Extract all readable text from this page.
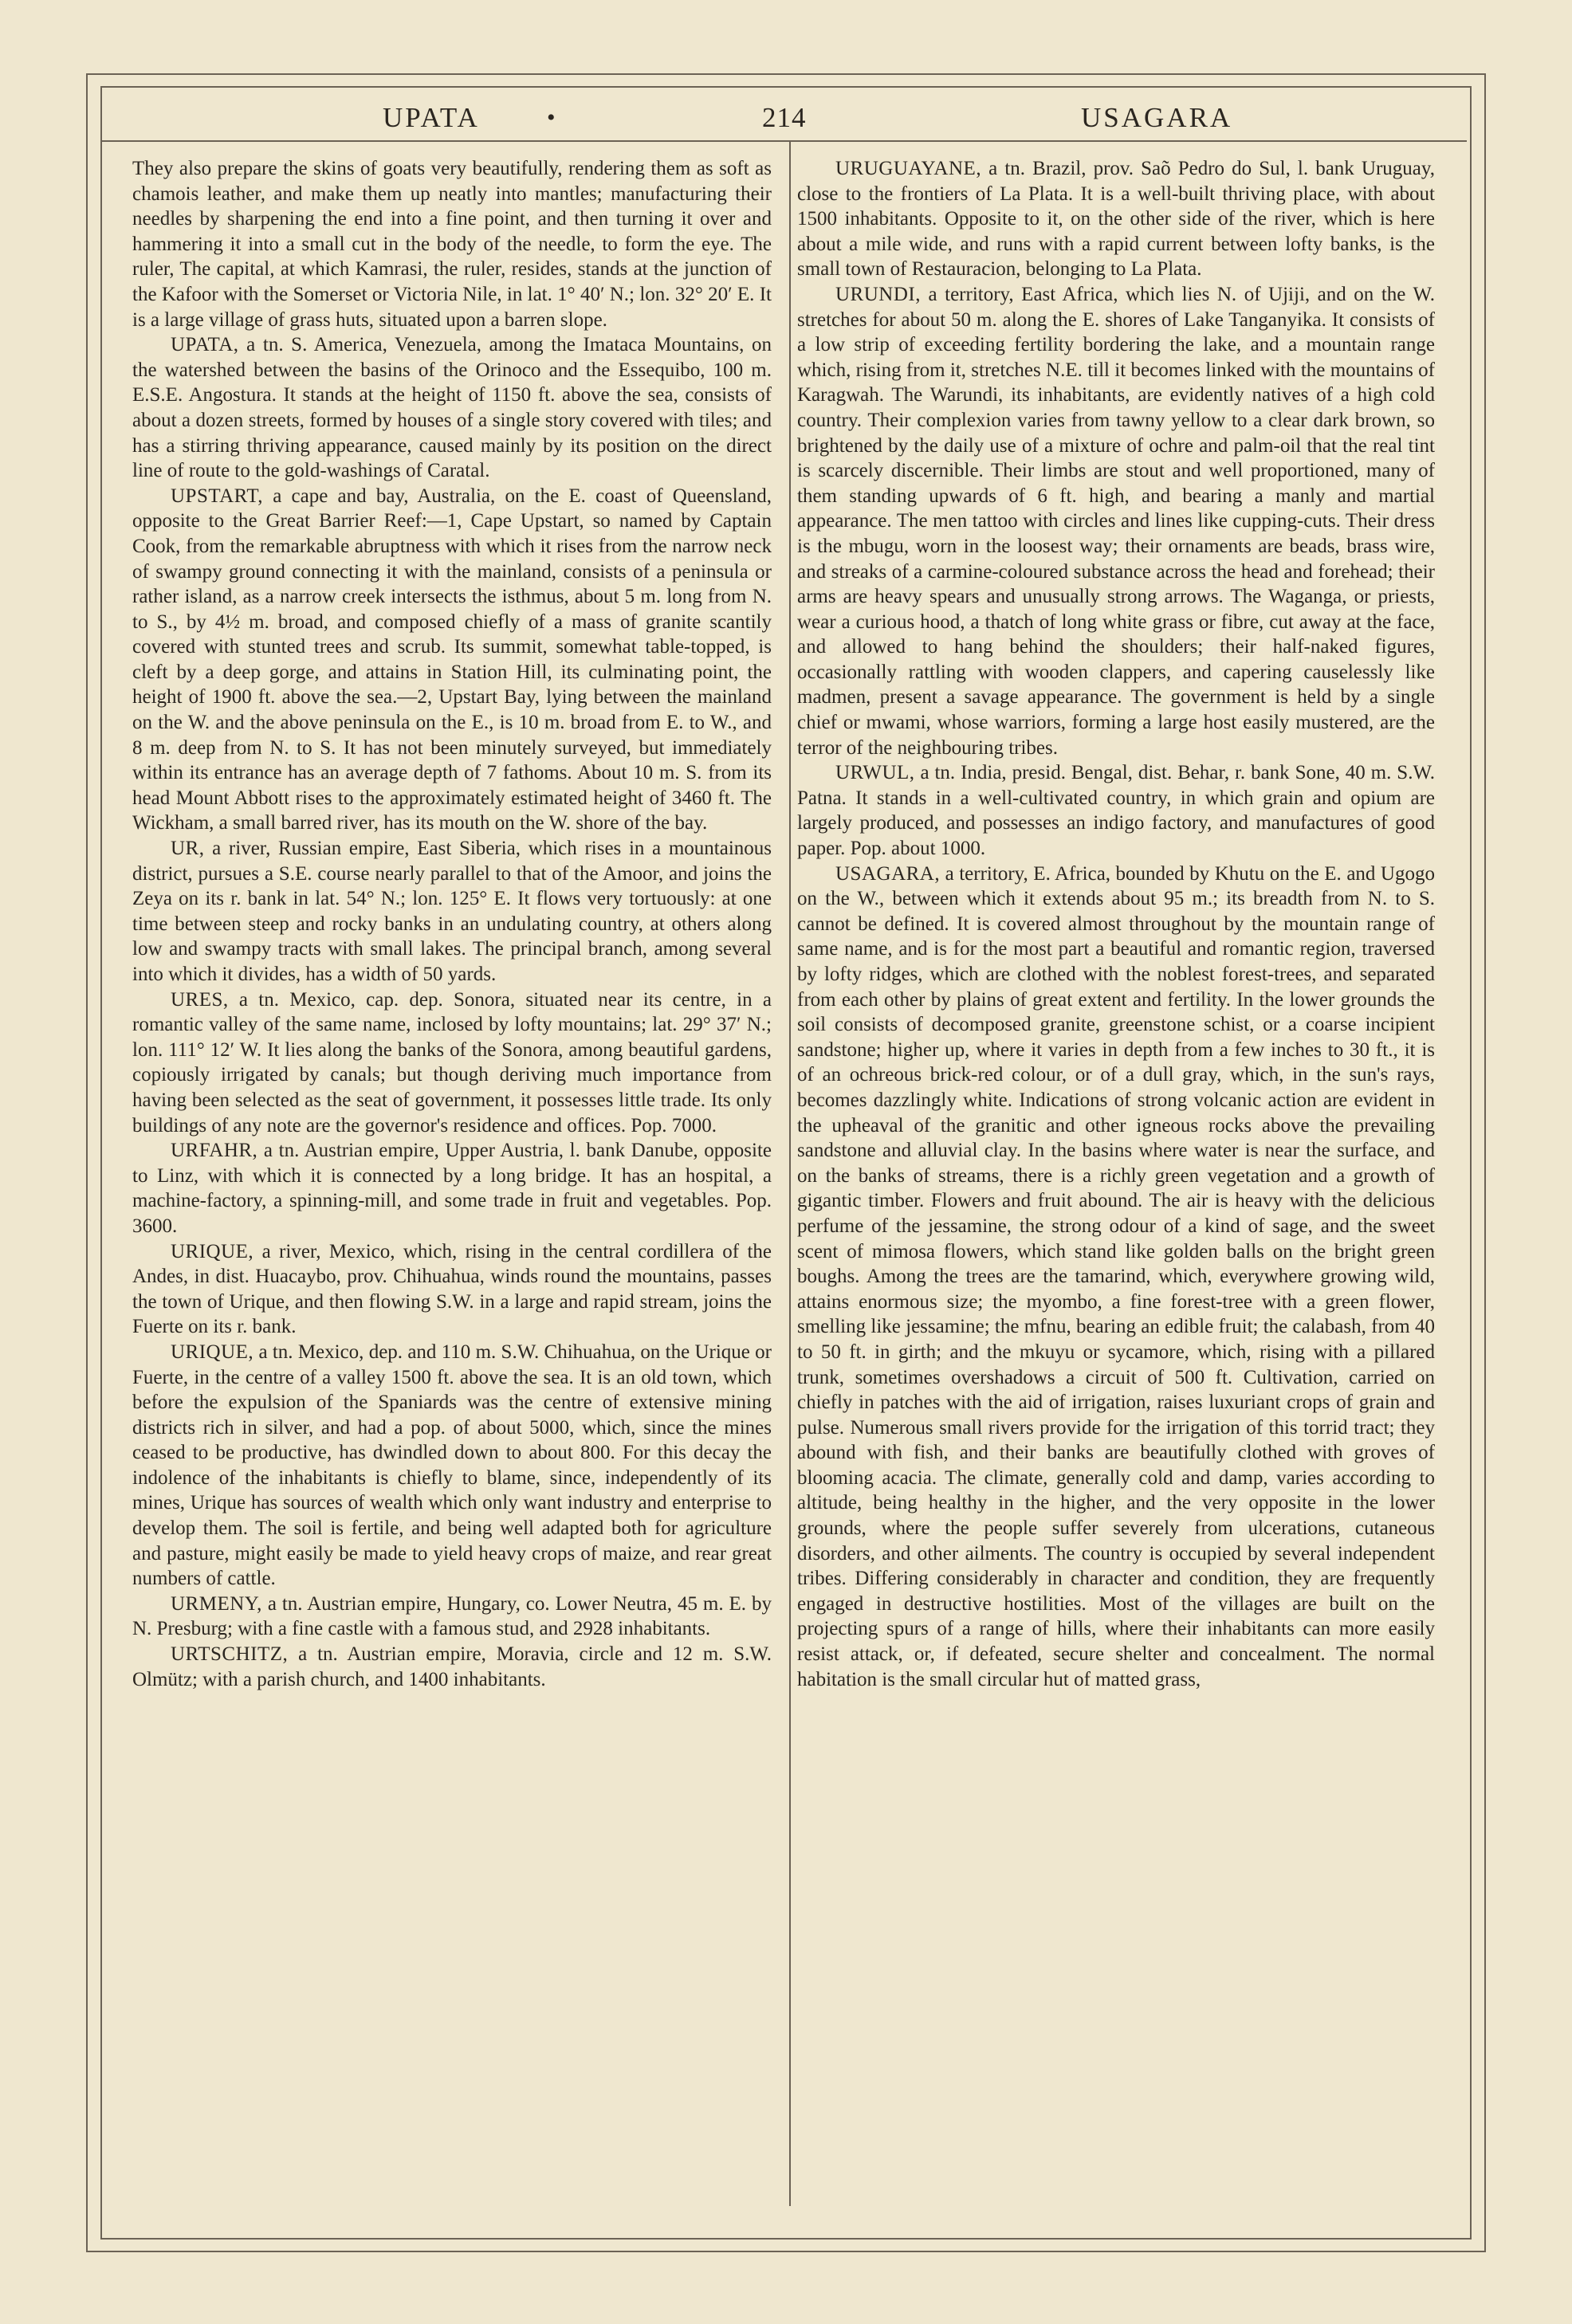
UPATA	•	214	USAGARA

They also prepare the skins of goats very beautifully, rendering them as soft as chamois leather, and make them up neatly into mantles; manufacturing their needles by sharpening the end into a fine point, and then turning it over and hammering it into a small cut in the body of the needle, to form the eye. The ruler, The capital, at which Kamrasi, the ruler, resides, stands at the junction of the Kafoor with the Somerset or Victoria Nile, in lat. 1° 40′ N.; lon. 32° 20′ E. It is a large village of grass huts, situated upon a barren slope.

UPATA, a tn. S. America, Venezuela, among the Imataca Mountains, on the watershed between the basins of the Orinoco and the Essequibo, 100 m. E.S.E. Angostura. It stands at the height of 1150 ft. above the sea, consists of about a dozen streets, formed by houses of a single story covered with tiles; and has a stirring thriving appearance, caused mainly by its position on the direct line of route to the gold-washings of Caratal.

UPSTART, a cape and bay, Australia, on the E. coast of Queensland, opposite to the Great Barrier Reef:—1, Cape Upstart, so named by Captain Cook, from the remarkable abruptness with which it rises from the narrow neck of swampy ground connecting it with the mainland, consists of a peninsula or rather island, as a narrow creek intersects the isthmus, about 5 m. long from N. to S., by 4½ m. broad, and composed chiefly of a mass of granite scantily covered with stunted trees and scrub. Its summit, somewhat table-topped, is cleft by a deep gorge, and attains in Station Hill, its culminating point, the height of 1900 ft. above the sea.—2, Upstart Bay, lying between the mainland on the W. and the above peninsula on the E., is 10 m. broad from E. to W., and 8 m. deep from N. to S. It has not been minutely surveyed, but immediately within its entrance has an average depth of 7 fathoms. About 10 m. S. from its head Mount Abbott rises to the approximately estimated height of 3460 ft. The Wickham, a small barred river, has its mouth on the W. shore of the bay.

UR, a river, Russian empire, East Siberia, which rises in a mountainous district, pursues a S.E. course nearly parallel to that of the Amoor, and joins the Zeya on its r. bank in lat. 54° N.; lon. 125° E. It flows very tortuously: at one time between steep and rocky banks in an undulating country, at others along low and swampy tracts with small lakes. The principal branch, among several into which it divides, has a width of 50 yards.

URES, a tn. Mexico, cap. dep. Sonora, situated near its centre, in a romantic valley of the same name, inclosed by lofty mountains; lat. 29° 37′ N.; lon. 111° 12′ W. It lies along the banks of the Sonora, among beautiful gardens, copiously irrigated by canals; but though deriving much importance from having been selected as the seat of government, it possesses little trade. Its only buildings of any note are the governor's residence and offices. Pop. 7000.

URFAHR, a tn. Austrian empire, Upper Austria, l. bank Danube, opposite to Linz, with which it is connected by a long bridge. It has an hospital, a machine-factory, a spinning-mill, and some trade in fruit and vegetables. Pop. 3600.

URIQUE, a river, Mexico, which, rising in the central cordillera of the Andes, in dist. Huacaybo, prov. Chihuahua, winds round the mountains, passes the town of Urique, and then flowing S.W. in a large and rapid stream, joins the Fuerte on its r. bank.

URIQUE, a tn. Mexico, dep. and 110 m. S.W. Chihuahua, on the Urique or Fuerte, in the centre of a valley 1500 ft. above the sea. It is an old town, which before the expulsion of the Spaniards was the centre of extensive mining districts rich in silver, and had a pop. of about 5000, which, since the mines ceased to be productive, has dwindled down to about 800. For this decay the indolence of the inhabitants is chiefly to blame, since, independently of its mines, Urique has sources of wealth which only want industry and enterprise to develop them. The soil is fertile, and being well adapted both for agriculture and pasture, might easily be made to yield heavy crops of maize, and rear great numbers of cattle.

URMENY, a tn. Austrian empire, Hungary, co. Lower Neutra, 45 m. E. by N. Presburg; with a fine castle with a famous stud, and 2928 inhabitants.

URTSCHITZ, a tn. Austrian empire, Moravia, circle and 12 m. S.W. Olmütz; with a parish church, and 1400 inhabitants.

URUGUAYANE, a tn. Brazil, prov. Saõ Pedro do Sul, l. bank Uruguay, close to the frontiers of La Plata. It is a well-built thriving place, with about 1500 inhabitants. Opposite to it, on the other side of the river, which is here about a mile wide, and runs with a rapid current between lofty banks, is the small town of Restauracion, belonging to La Plata.

URUNDI, a territory, East Africa, which lies N. of Ujiji, and on the W. stretches for about 50 m. along the E. shores of Lake Tanganyika. It consists of a low strip of exceeding fertility bordering the lake, and a mountain range which, rising from it, stretches N.E. till it becomes linked with the mountains of Karagwah. The Warundi, its inhabitants, are evidently natives of a high cold country. Their complexion varies from tawny yellow to a clear dark brown, so brightened by the daily use of a mixture of ochre and palm-oil that the real tint is scarcely discernible. Their limbs are stout and well proportioned, many of them standing upwards of 6 ft. high, and bearing a manly and martial appearance. The men tattoo with circles and lines like cupping-cuts. Their dress is the mbugu, worn in the loosest way; their ornaments are beads, brass wire, and streaks of a carmine-coloured substance across the head and forehead; their arms are heavy spears and unusually strong arrows. The Waganga, or priests, wear a curious hood, a thatch of long white grass or fibre, cut away at the face, and allowed to hang behind the shoulders; their half-naked figures, occasionally rattling with wooden clappers, and capering causelessly like madmen, present a savage appearance. The government is held by a single chief or mwami, whose warriors, forming a large host easily mustered, are the terror of the neighbouring tribes.

URWUL, a tn. India, presid. Bengal, dist. Behar, r. bank Sone, 40 m. S.W. Patna. It stands in a well-cultivated country, in which grain and opium are largely produced, and possesses an indigo factory, and manufactures of good paper. Pop. about 1000.

USAGARA, a territory, E. Africa, bounded by Khutu on the E. and Ugogo on the W., between which it extends about 95 m.; its breadth from N. to S. cannot be defined. It is covered almost throughout by the mountain range of same name, and is for the most part a beautiful and romantic region, traversed by lofty ridges, which are clothed with the noblest forest-trees, and separated from each other by plains of great extent and fertility. In the lower grounds the soil consists of decomposed granite, greenstone schist, or a coarse incipient sandstone; higher up, where it varies in depth from a few inches to 30 ft., it is of an ochreous brick-red colour, or of a dull gray, which, in the sun's rays, becomes dazzlingly white. Indications of strong volcanic action are evident in the upheaval of the granitic and other igneous rocks above the prevailing sandstone and alluvial clay. In the basins where water is near the surface, and on the banks of streams, there is a richly green vegetation and a growth of gigantic timber. Flowers and fruit abound. The air is heavy with the delicious perfume of the jessamine, the strong odour of a kind of sage, and the sweet scent of mimosa flowers, which stand like golden balls on the bright green boughs. Among the trees are the tamarind, which, everywhere growing wild, attains enormous size; the myombo, a fine forest-tree with a green flower, smelling like jessamine; the mfnu, bearing an edible fruit; the calabash, from 40 to 50 ft. in girth; and the mkuyu or sycamore, which, rising with a pillared trunk, sometimes overshadows a circuit of 500 ft. Cultivation, carried on chiefly in patches with the aid of irrigation, raises luxuriant crops of grain and pulse. Numerous small rivers provide for the irrigation of this torrid tract; they abound with fish, and their banks are beautifully clothed with groves of blooming acacia. The climate, generally cold and damp, varies according to altitude, being healthy in the higher, and the very opposite in the lower grounds, where the people suffer severely from ulcerations, cutaneous disorders, and other ailments. The country is occupied by several independent tribes. Differing considerably in character and condition, they are frequently engaged in destructive hostilities. Most of the villages are built on the projecting spurs of a range of hills, where their inhabitants can more easily resist attack, or, if defeated, secure shelter and concealment. The normal habitation is the small circular hut of matted grass,
